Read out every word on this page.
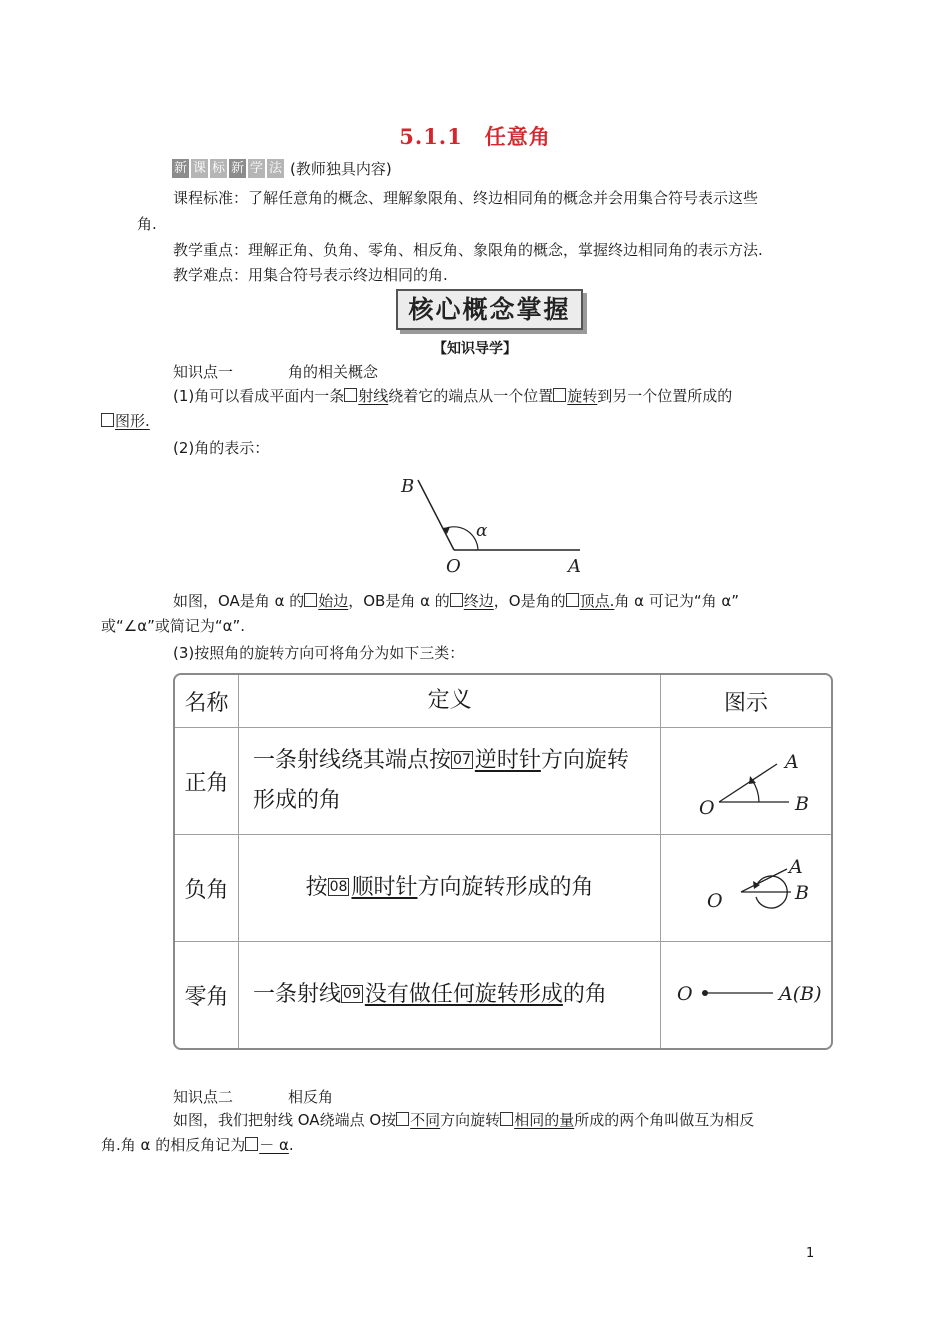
5.1.1　任意角
新 课 标 新 学 法 (教师独具内容)
课程标准：了解任意角的概念、理解象限角、终边相同角的概念并会用集合符号表示这些
角.
教学重点：理解正角、负角、零角、相反角、象限角的概念，掌握终边相同角的表示方法.
教学难点：用集合符号表示终边相同的角.
核心概念掌握
【知识导学】
知识点一	角的相关概念
(1)角可以看成平面内一条 射线绕着它的端点从一个位置 旋转到另一个位置所成的
图形.
(2)角的表示：
B
α
O	A
如图，OA是角 α 的 始边，OB是角 α 的 终边，O是角的 顶点.角 α 可记为“角 α”
或“∠α”或简记为“α”.
(3)按照角的旋转方向可将角分为如下三类：
名称	定义	图示
正角	一条射线绕其端点按 07 逆时针方向旋转形成的角	A
O B

负角	按 08 顺时针方向旋转形成的角	A
O B

零角	一条射线 09 没有做任何旋转形成的角	O A(B)
知识点二	相反角
如图，我们把射线 OA绕端点 O按 不同方向旋转 相同的量所成的两个角叫做互为相反
角.角 α 的相反角记为 － α.
1
